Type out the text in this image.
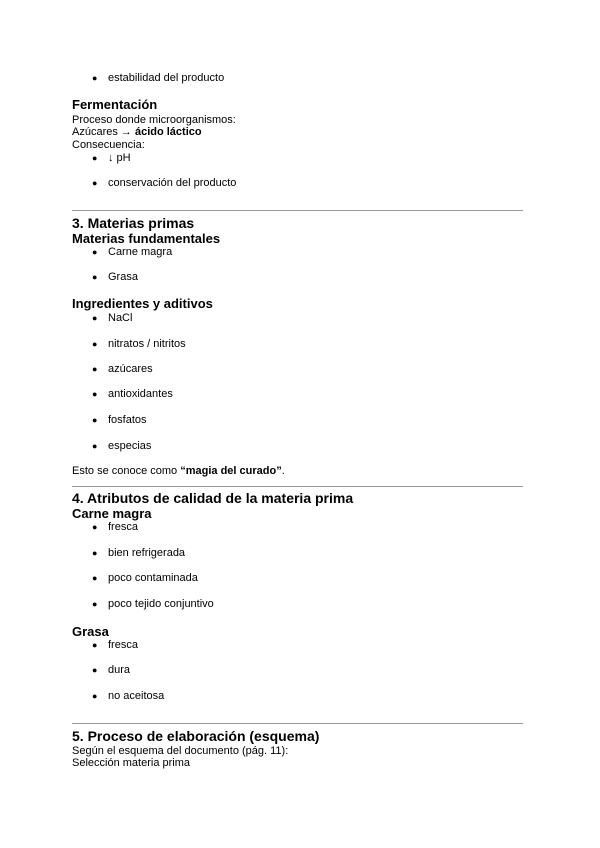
● estabilidad del producto
Fermentación
Proceso donde microorganismos:
Azúcares → ácido láctico
Consecuencia:
● ↓ pH
● conservación del producto
3. Materias primas
Materias fundamentales
● Carne magra
● Grasa
Ingredientes y aditivos
● NaCl
● nitratos / nitritos
● azúcares
● antioxidantes
● fosfatos
● especias
Esto se conoce como “magia del curado”.
4. Atributos de calidad de la materia prima
Carne magra
● fresca
● bien refrigerada
● poco contaminada
● poco tejido conjuntivo
Grasa
● fresca
● dura
● no aceitosa
5. Proceso de elaboración (esquema)
Según el esquema del documento (pág. 11):
Selección materia prima
